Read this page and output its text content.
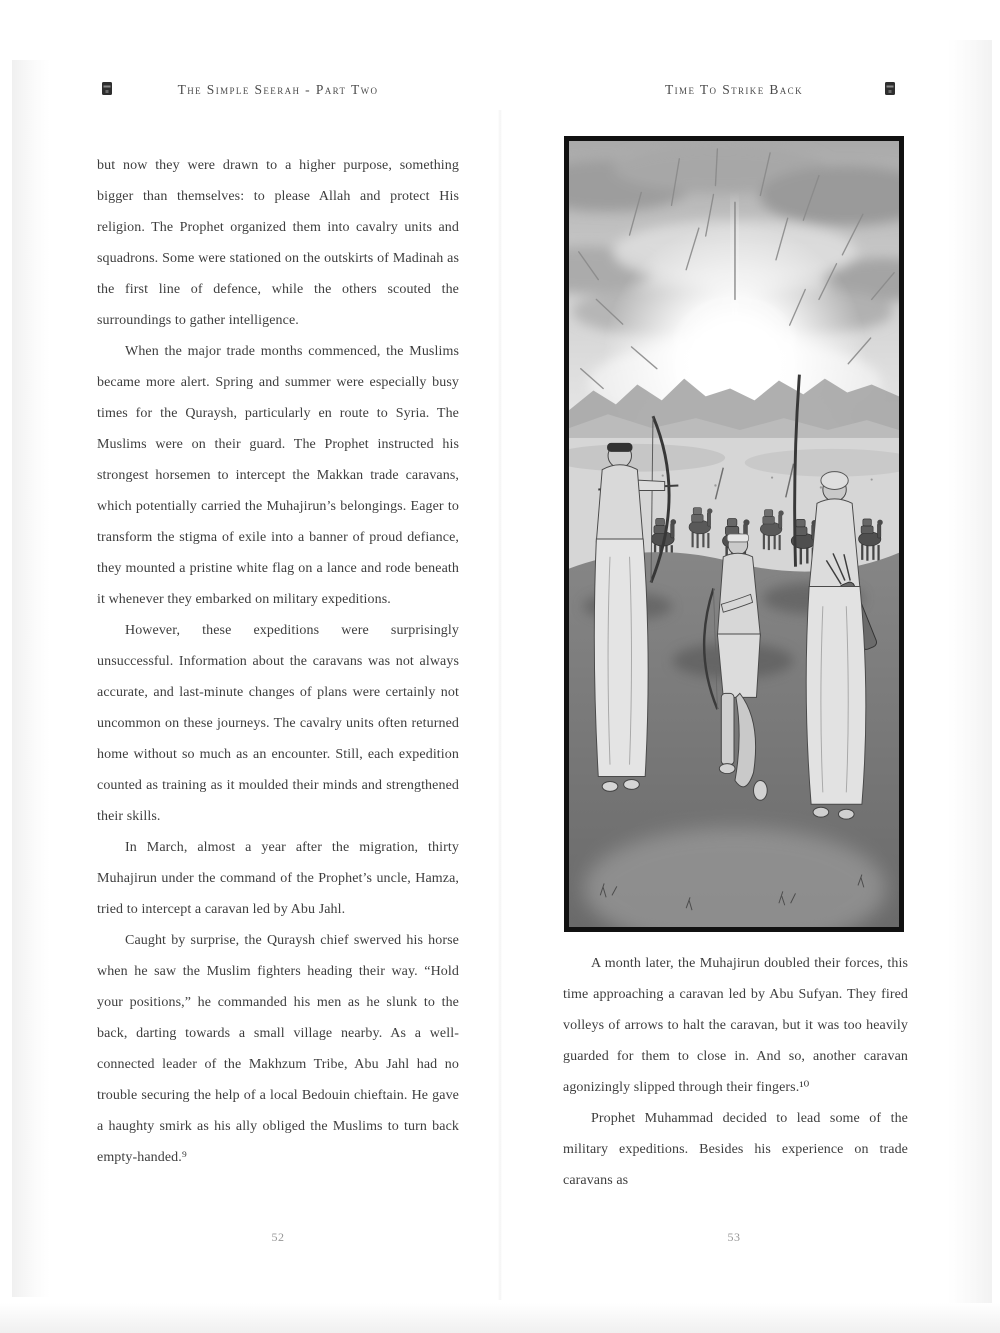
The Simple Seerah - Part Two	Time To Strike Back

but now they were drawn to a higher purpose, something bigger than themselves: to please Allah and protect His religion. The Prophet organized them into cavalry units and squadrons. Some were stationed on the outskirts of Madinah as the first line of defence, while the others scouted the surroundings to gather intelligence.

When the major trade months commenced, the Muslims became more alert. Spring and summer were especially busy times for the Quraysh, particularly en route to Syria. The Muslims were on their guard. The Prophet instructed his strongest horsemen to intercept the Makkan trade caravans, which potentially carried the Muhajirun’s belongings. Eager to transform the stigma of exile into a banner of proud defiance, they mounted a pristine white flag on a lance and rode beneath it whenever they embarked on military expeditions.

However, these expeditions were surprisingly unsuccessful. Information about the caravans was not always accurate, and last-minute changes of plans were certainly not uncommon on these journeys. The cavalry units often returned home without so much as an encounter. Still, each expedition counted as training as it moulded their minds and strengthened their skills.

In March, almost a year after the migration, thirty Muhajirun under the command of the Prophet’s uncle, Hamza, tried to intercept a caravan led by Abu Jahl.

Caught by surprise, the Quraysh chief swerved his horse when he saw the Muslim fighters heading their way. “Hold your positions,” he commanded his men as he slunk to the back, darting towards a small village nearby. As a well-connected leader of the Makhzum Tribe, Abu Jahl had no trouble securing the help of a local Bedouin chieftain. He gave a haughty smirk as his ally obliged the Muslims to turn back empty-handed.⁹

A month later, the Muhajirun doubled their forces, this time approaching a caravan led by Abu Sufyan. They fired volleys of arrows to halt the caravan, but it was too heavily guarded for them to close in. And so, another caravan agonizingly slipped through their fingers.¹⁰

Prophet Muhammad decided to lead some of the military expeditions. Besides his experience on trade caravans as

52	53
